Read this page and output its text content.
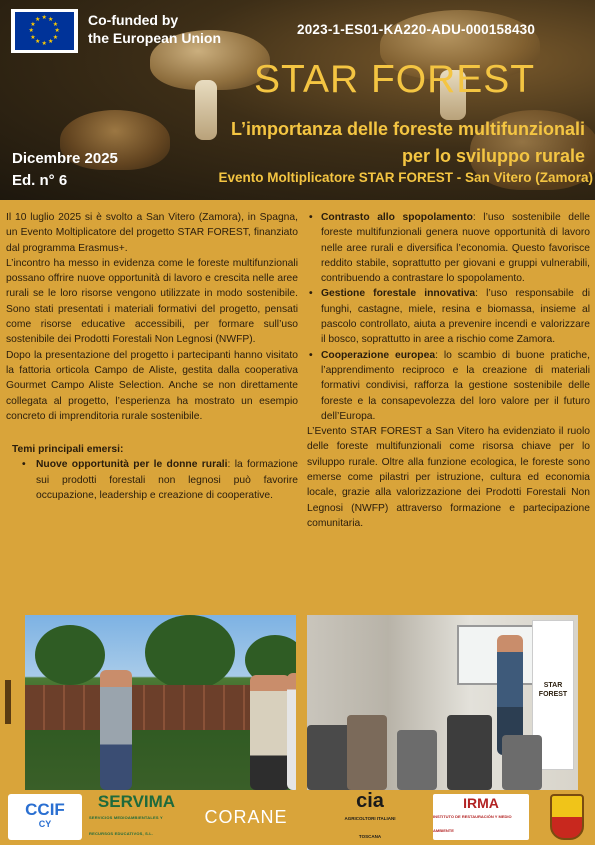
★
★
★
★
★
★
★
★
★ ★ ★
★ Co-funded by
the European Union
2023-1-ES01-KA220-ADU-000158430
STAR FOREST
L’importanza delle foreste multifunzionali
per lo sviluppo rurale
Dicembre 2025
Ed. n° 6	Evento Moltiplicatore STAR FOREST - San Vitero (Zamora)

Il 10 luglio 2025 si è svolto a San Vitero (Zamora), in Spagna, un Evento Moltiplicatore del progetto STAR FOREST, finanziato dal programma Erasmus+.

L’incontro ha messo in evidenza come le foreste multifunzionali possano offrire nuove opportunità di lavoro e crescita nelle aree rurali se le loro risorse vengono utilizzate in modo sostenibile. Sono stati presentati i materiali formativi del progetto, pensati come risorse educative accessibili, per formare sull’uso sostenibile dei Prodotti Forestali Non Legnosi (NWFP).

Dopo la presentazione del progetto i partecipanti hanno visitato la fattoria orticola Campo de Aliste, gestita dalla cooperativa Gourmet Campo Aliste Selection. Anche se non direttamente collegata al progetto, l’esperienza ha mostrato un esempio concreto di imprenditoria rurale sostenibile.

Temi principali emersi:
• Nuove opportunità per le donne rurali: la formazione sui prodotti forestali non legnosi può favorire occupazione, leadership e creazione di cooperative.
• Contrasto allo spopolamento: l’uso sostenibile delle foreste multifunzionali genera nuove opportunità di lavoro nelle aree rurali e diversifica l’economia. Questo favorisce reddito stabile, soprattutto per giovani e gruppi vulnerabili, contribuendo a contrastare lo spopolamento.
• Gestione forestale innovativa: l’uso responsabile di funghi, castagne, miele, resina e biomassa, insieme al pascolo controllato, aiuta a prevenire incendi e valorizzare il bosco, soprattutto in aree a rischio come Zamora.
• Cooperazione europea: lo scambio di buone pratiche, l’apprendimento reciproco e la creazione di materiali formativi condivisi, rafforza la gestione sostenibile delle foreste e la consapevolezza del loro valore per il futuro dell’Europa.

L’Evento STAR FOREST a San Vitero ha evidenziato il ruolo delle foreste multifunzionali come risorsa chiave per lo sviluppo rurale. Oltre alla funzione ecologica, le foreste sono emerse come pilastri per istruzione, cultura ed economia locale, grazie alla valorizzazione dei Prodotti Forestali Non Legnosi (NWFP) attraverso formazione e partecipazione comunitaria.

STAR
FOREST
CCIF
CY
SERVIMA
SERVICIOS MEDIOAMBIENTALES Y RECURSOS EDUCATIVOS, S.L.
CORANE
cia
AGRICOLTORI ITALIANI
TOSCANA
IRMA
INSTITUTO DE RESTAURACIÓN Y MEDIO AMBIENTE
